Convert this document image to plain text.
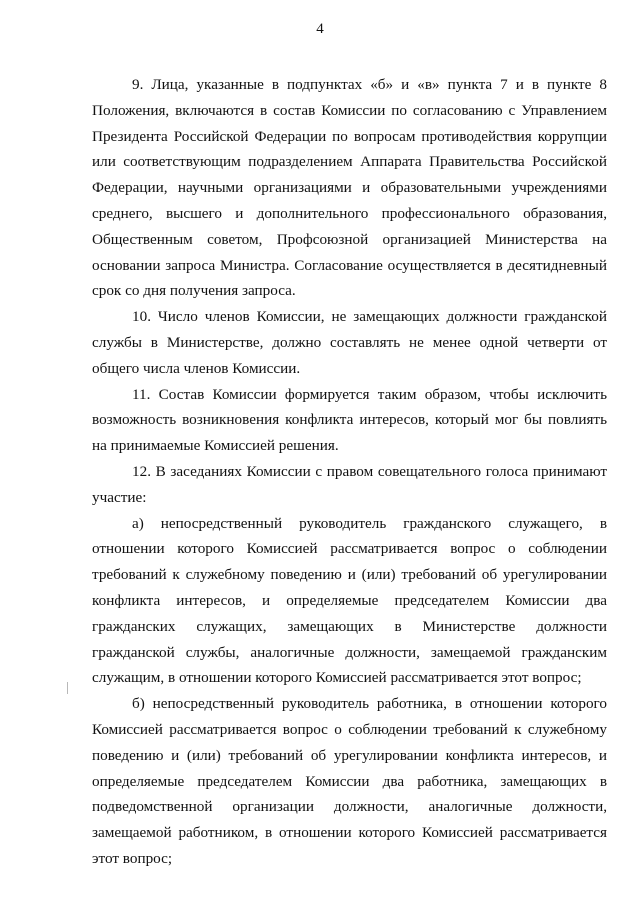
4

9. Лица, указанные в подпунктах «б» и «в» пункта 7 и в пункте 8 Положения, включаются в состав Комиссии по согласованию с Управлением Президента Российской Федерации по вопросам противодействия коррупции или соответствующим подразделением Аппарата Правительства Российской Федерации, научными организациями и образовательными учреждениями среднего, высшего и дополнительного профессионального образования, Общественным советом, Профсоюзной организацией Министерства на основании запроса Министра. Согласование осуществляется в десятидневный срок со дня получения запроса.

10. Число членов Комиссии, не замещающих должности гражданской службы в Министерстве, должно составлять не менее одной четверти от общего числа членов Комиссии.

11. Состав Комиссии формируется таким образом, чтобы исключить возможность возникновения конфликта интересов, который мог бы повлиять на принимаемые Комиссией решения.

12. В заседаниях Комиссии с правом совещательного голоса принимают участие:

а) непосредственный руководитель гражданского служащего, в отношении которого Комиссией рассматривается вопрос о соблюдении требований к служебному поведению и (или) требований об урегулировании конфликта интересов, и определяемые председателем Комиссии два гражданских служащих, замещающих в Министерстве должности гражданской службы, аналогичные должности, замещаемой гражданским служащим, в отношении которого Комиссией рассматривается этот вопрос;

б) непосредственный руководитель работника, в отношении которого Комиссией рассматривается вопрос о соблюдении требований к служебному поведению и (или) требований об урегулировании конфликта интересов, и определяемые председателем Комиссии два работника, замещающих в подведомственной организации должности, аналогичные должности, замещаемой работником, в отношении которого Комиссией рассматривается этот вопрос;
